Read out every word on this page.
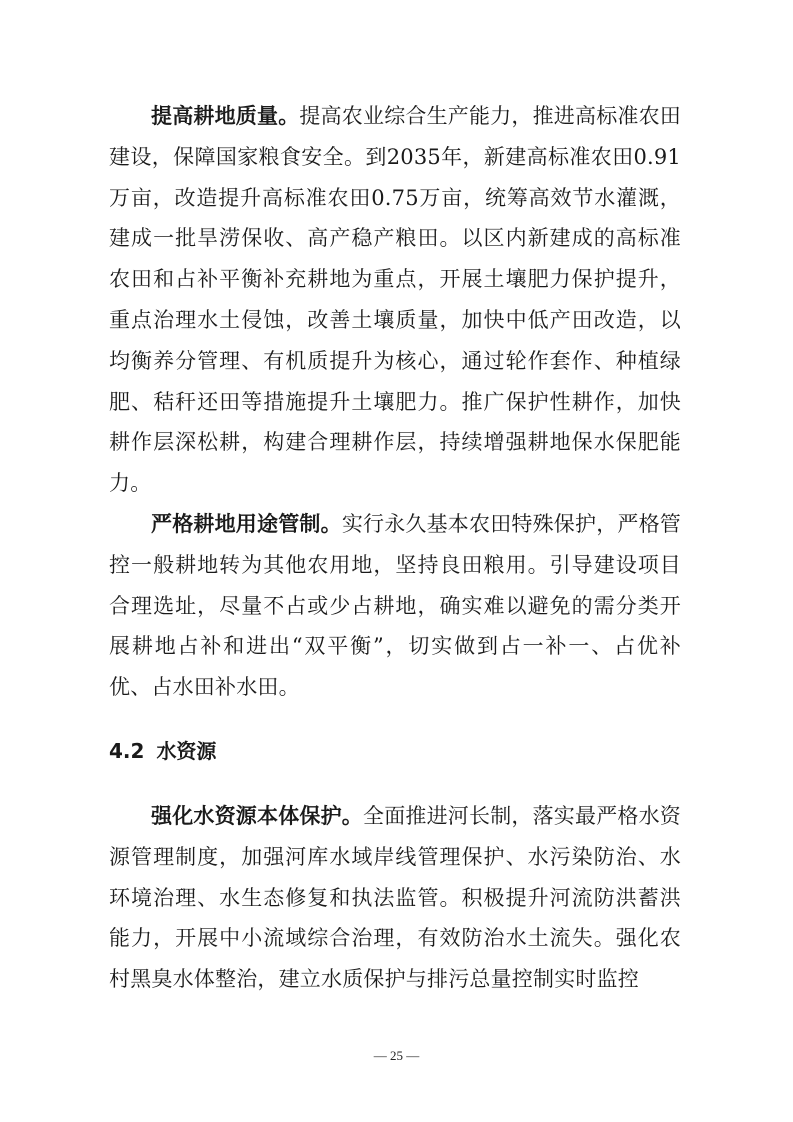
提高耕地质量。提高农业综合生产能力，推进高标准农田建设，保障国家粮食安全。到2035年，新建高标准农田0.91万亩，改造提升高标准农田0.75万亩，统筹高效节水灌溉，建成一批旱涝保收、高产稳产粮田。以区内新建成的高标准农田和占补平衡补充耕地为重点，开展土壤肥力保护提升，重点治理水土侵蚀，改善土壤质量，加快中低产田改造，以均衡养分管理、有机质提升为核心，通过轮作套作、种植绿肥、秸秆还田等措施提升土壤肥力。推广保护性耕作，加快耕作层深松耕，构建合理耕作层，持续增强耕地保水保肥能力。

严格耕地用途管制。实行永久基本农田特殊保护，严格管控一般耕地转为其他农用地，坚持良田粮用。引导建设项目合理选址，尽量不占或少占耕地，确实难以避免的需分类开展耕地占补和进出“双平衡”，切实做到占一补一、占优补优、占水田补水田。

4.2 水资源

强化水资源本体保护。全面推进河长制，落实最严格水资源管理制度，加强河库水域岸线管理保护、水污染防治、水环境治理、水生态修复和执法监管。积极提升河流防洪蓄洪能力，开展中小流域综合治理，有效防治水土流失。强化农村黑臭水体整治，建立水质保护与排污总量控制实时监控

— 25 —
